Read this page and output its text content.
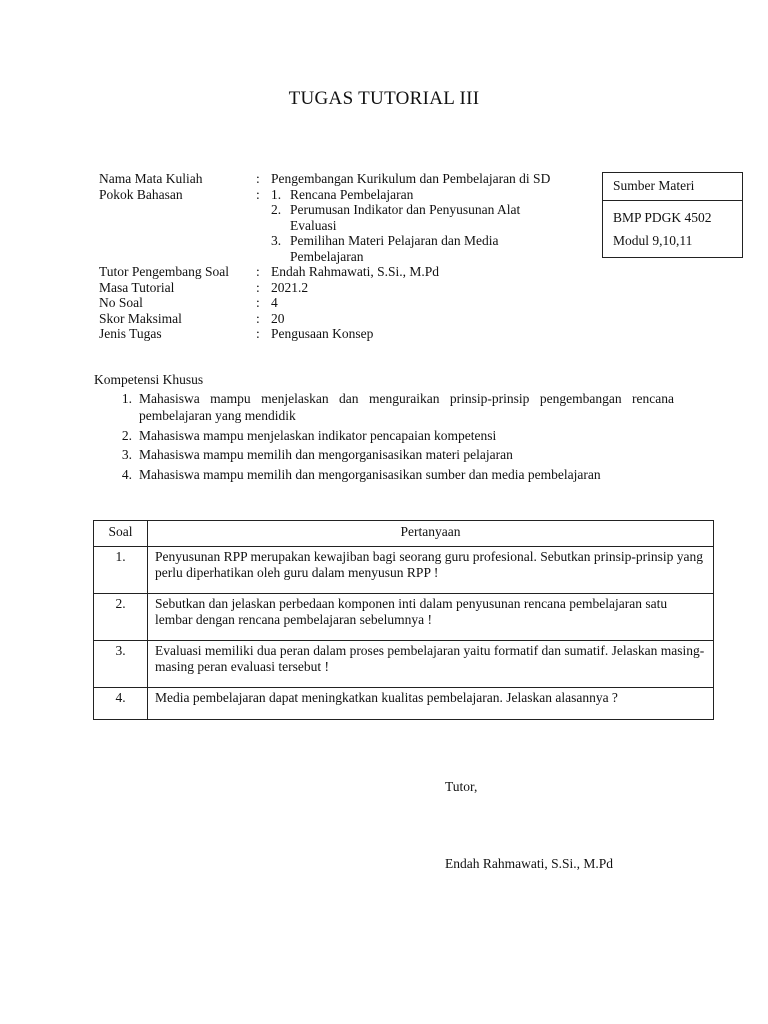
TUGAS TUTORIAL III
Nama Mata Kuliah	: Pengembangan Kurikulum dan Pembelajaran di SD
Pokok Bahasan	: 1. Rencana Pembelajaran
2. Perumusan Indikator dan Penyusunan Alat Evaluasi
3. Pemilihan Materi Pelajaran dan Media Pembelajaran
Tutor Pengembang Soal	: Endah Rahmawati, S.Si., M.Pd
Masa Tutorial	: 2021.2
No Soal	: 4
Skor Maksimal	: 20
Jenis Tugas	: Pengusaan Konsep
Sumber Materi
BMP PDGK 4502
Modul 9,10,11
Kompetensi Khusus
1. Mahasiswa mampu menjelaskan dan menguraikan prinsip-prinsip pengembangan rencana pembelajaran yang mendidik
2. Mahasiswa mampu menjelaskan indikator pencapaian kompetensi
3. Mahasiswa mampu memilih dan mengorganisasikan materi pelajaran
4. Mahasiswa mampu memilih dan mengorganisasikan sumber dan media pembelajaran
Soal	Pertanyaan
1.	Penyusunan RPP merupakan kewajiban bagi seorang guru profesional. Sebutkan prinsip-prinsip yang perlu diperhatikan oleh guru dalam menyusun RPP !
2.	Sebutkan dan jelaskan perbedaan komponen inti dalam penyusunan rencana pembelajaran satu lembar dengan rencana pembelajaran sebelumnya !
3.	Evaluasi memiliki dua peran dalam proses pembelajaran yaitu formatif dan sumatif. Jelaskan masing-masing peran evaluasi tersebut !
4.	Media pembelajaran dapat meningkatkan kualitas pembelajaran. Jelaskan alasannya ?
Tutor,
Endah Rahmawati, S.Si., M.Pd
